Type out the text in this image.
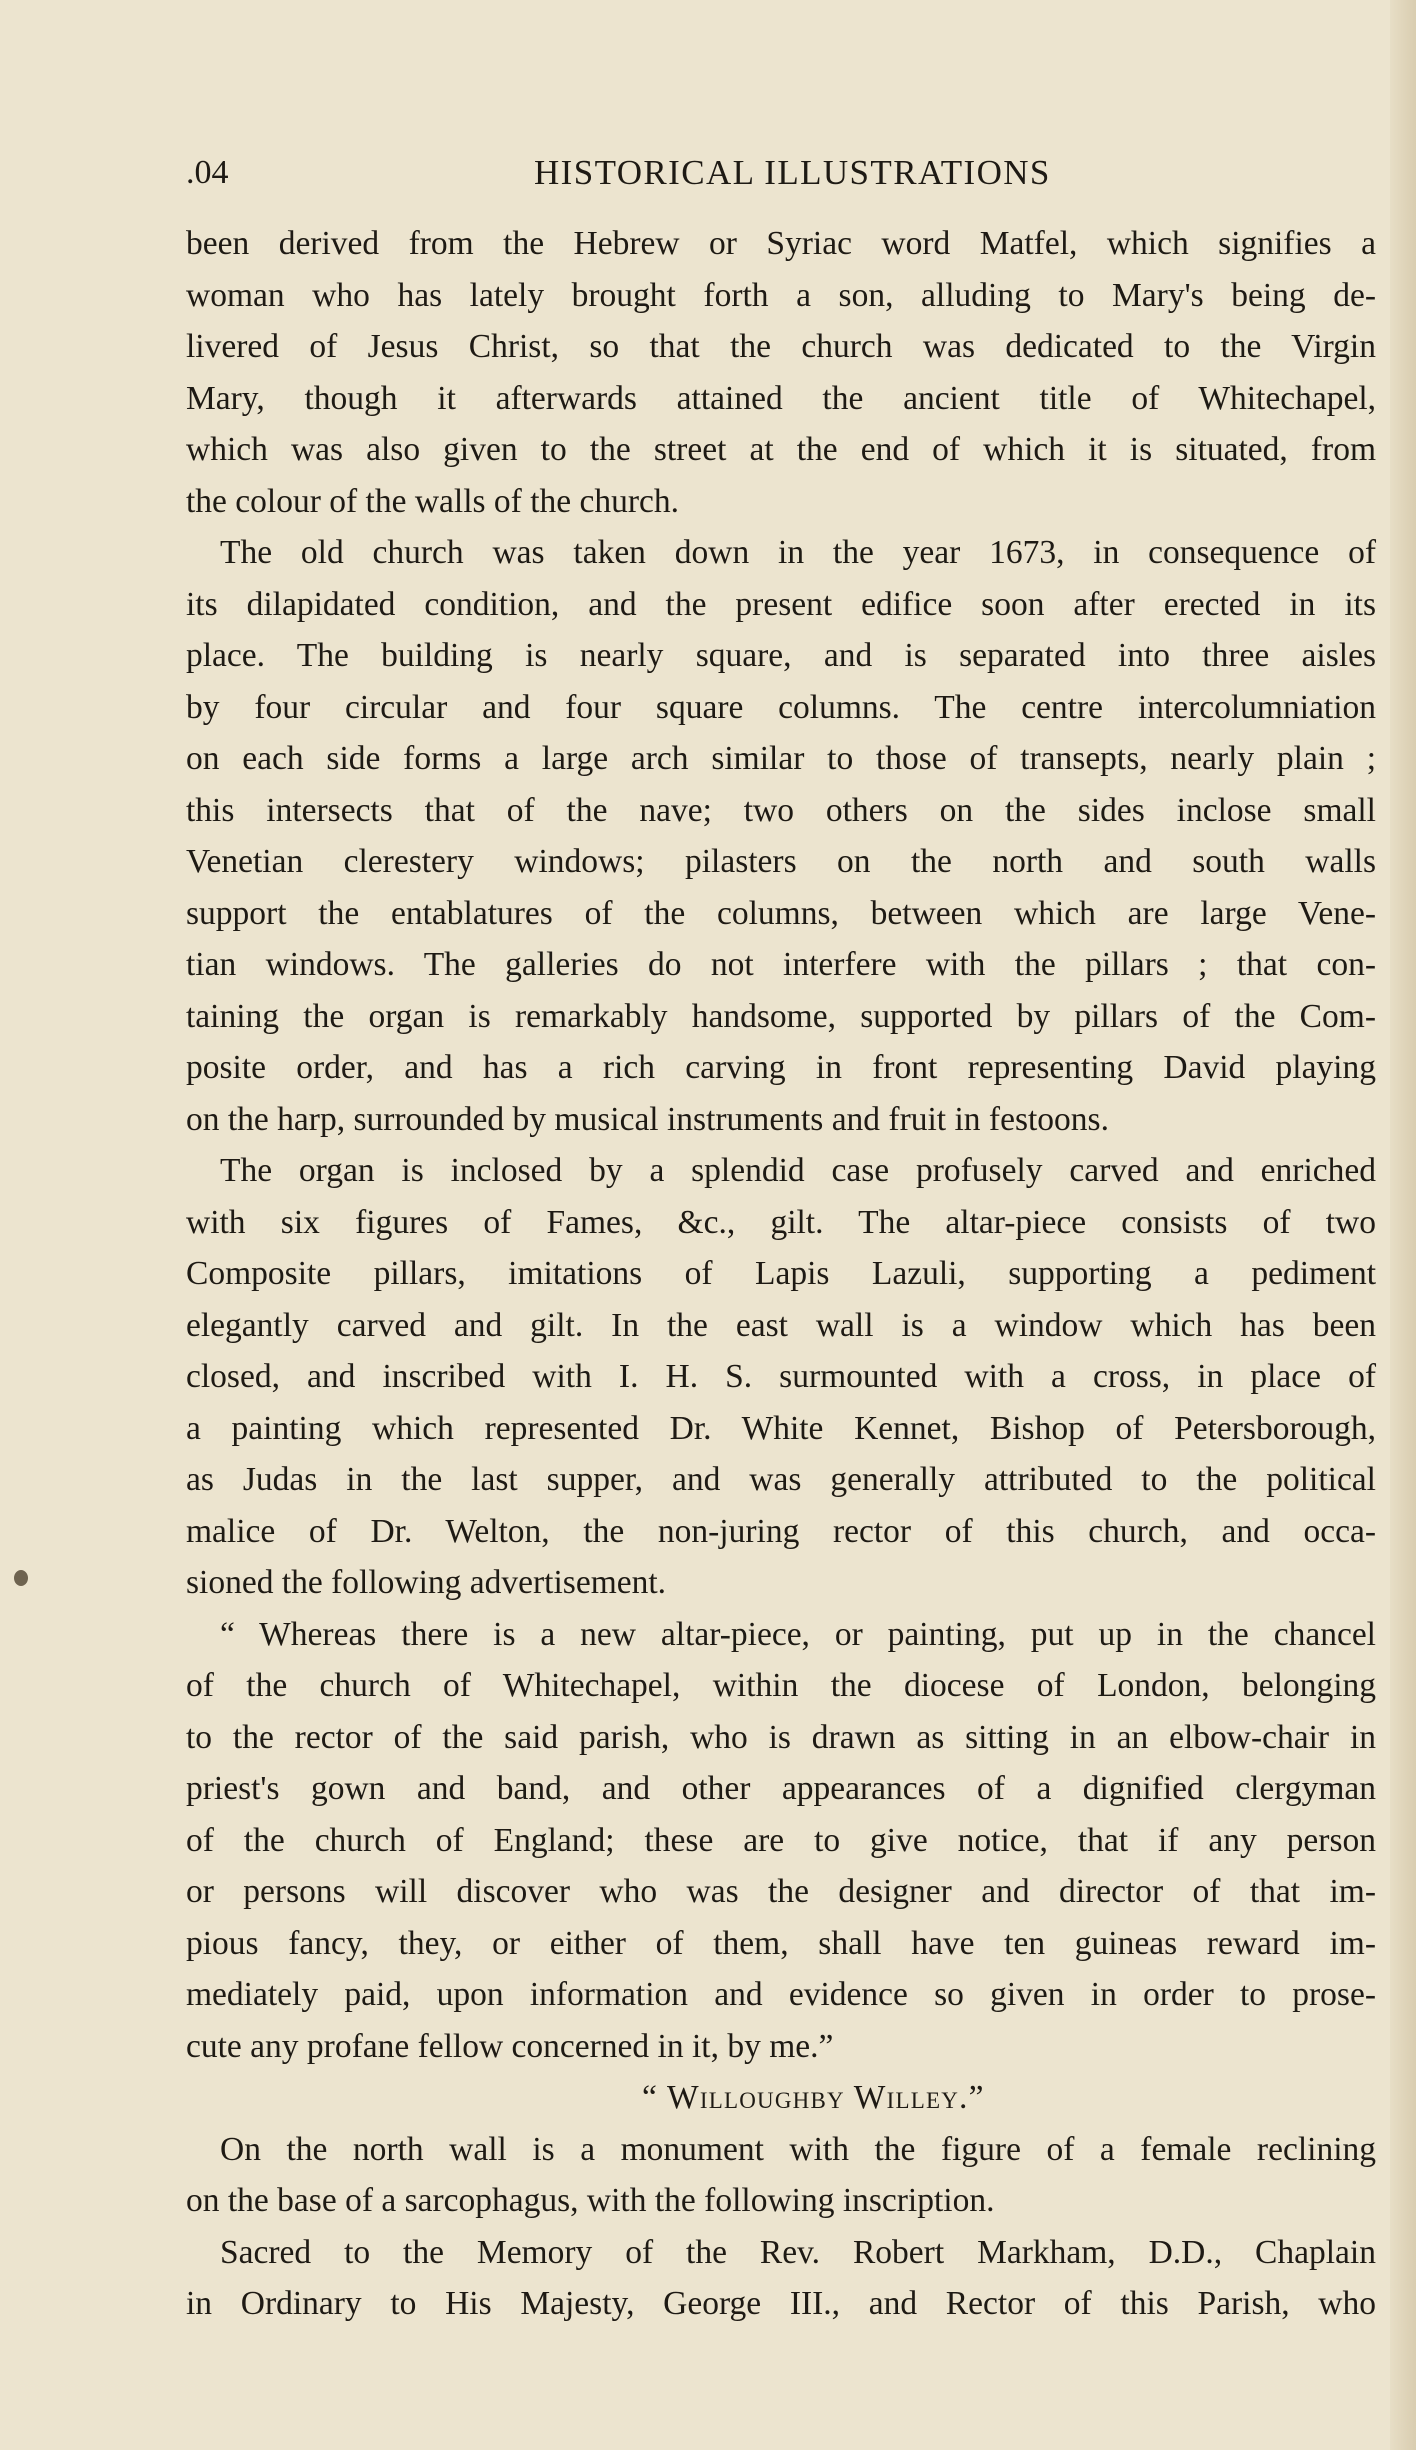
.04	HISTORICAL ILLUSTRATIONS
been derived from the Hebrew or Syriac word Matfel, which signifies a
woman who has lately brought forth a son, alluding to Mary's being de-
livered of Jesus Christ, so that the church was dedicated to the Virgin
Mary, though it afterwards attained the ancient title of Whitechapel,
which was also given to the street at the end of which it is situated, from
the colour of the walls of the church.
The old church was taken down in the year 1673, in consequence of
its dilapidated condition, and the present edifice soon after erected in its
place. The building is nearly square, and is separated into three aisles
by four circular and four square columns. The centre intercolumniation
on each side forms a large arch similar to those of transepts, nearly plain ;
this intersects that of the nave; two others on the sides inclose small
Venetian clerestery windows; pilasters on the north and south walls
support the entablatures of the columns, between which are large Vene-
tian windows. The galleries do not interfere with the pillars ; that con-
taining the organ is remarkably handsome, supported by pillars of the Com-
posite order, and has a rich carving in front representing David playing
on the harp, surrounded by musical instruments and fruit in festoons.
The organ is inclosed by a splendid case profusely carved and enriched
with six figures of Fames, &c., gilt. The altar-piece consists of two
Composite pillars, imitations of Lapis Lazuli, supporting a pediment
elegantly carved and gilt. In the east wall is a window which has been
closed, and inscribed with I. H. S. surmounted with a cross, in place of
a painting which represented Dr. White Kennet, Bishop of Petersborough,
as Judas in the last supper, and was generally attributed to the political
malice of Dr. Welton, the non-juring rector of this church, and occa-
sioned the following advertisement.
“ Whereas there is a new altar-piece, or painting, put up in the chancel
of the church of Whitechapel, within the diocese of London, belonging
to the rector of the said parish, who is drawn as sitting in an elbow-chair in
priest's gown and band, and other appearances of a dignified clergyman
of the church of England; these are to give notice, that if any person
or persons will discover who was the designer and director of that im-
pious fancy, they, or either of them, shall have ten guineas reward im-
mediately paid, upon information and evidence so given in order to prose-
cute any profane fellow concerned in it, by me.”
“ Willoughby Willey.”
On the north wall is a monument with the figure of a female reclining
on the base of a sarcophagus, with the following inscription.
Sacred to the Memory of the Rev. Robert Markham, D.D., Chaplain
in Ordinary to His Majesty, George III., and Rector of this Parish, who
